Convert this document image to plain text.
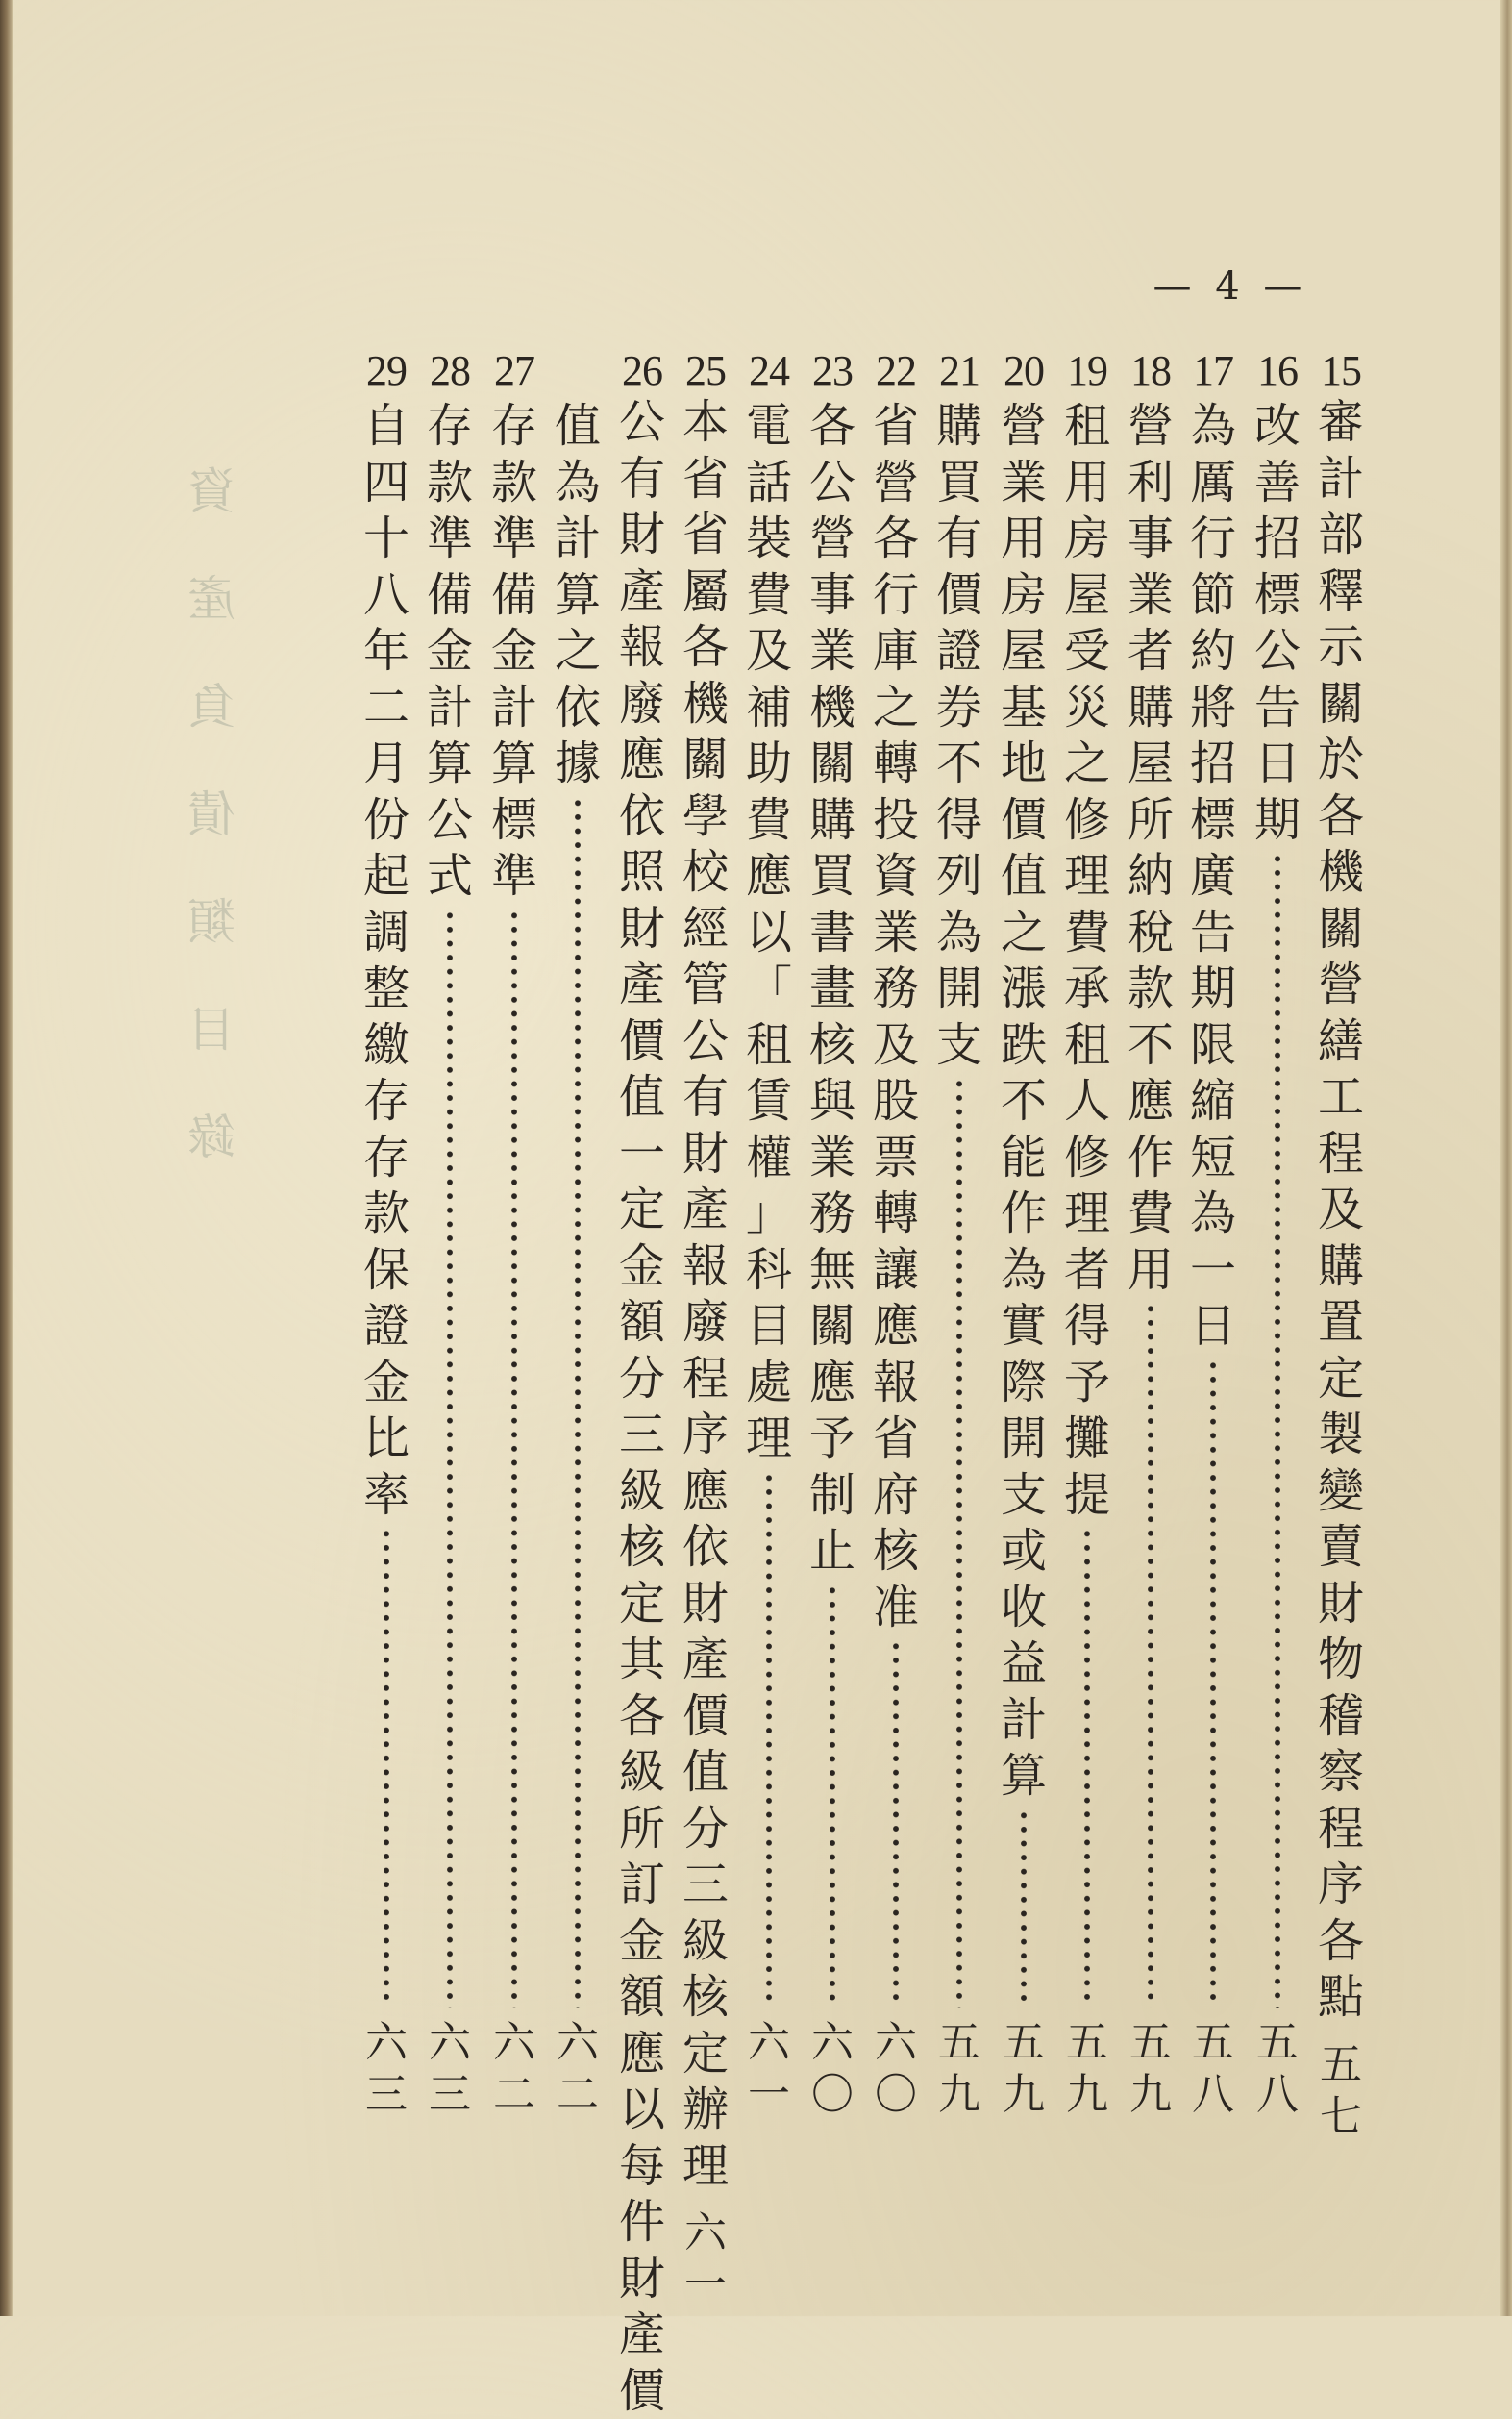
— 4 —
資
產
負
債
類
目
錄
15
審
計
部
釋
示
關
於
各
機
關
營
繕
工
程
及
購
置
定
製
變
賣
財
物
稽
察
程
序
各
點
五
七
16
改
善
招
標
公
告
日
期
五
八
17
為
厲
行
節
約
將
招
標
廣
告
期
限
縮
短
為
一
日
五
八
18
營
利
事
業
者
購
屋
所
納
稅
款
不
應
作
費
用
五
九
19
租
用
房
屋
受
災
之
修
理
費
承
租
人
修
理
者
得
予
攤
提
五
九
20
營
業
用
房
屋
基
地
價
值
之
漲
跌
不
能
作
為
實
際
開
支
或
收
益
計
算
五
九
21
購
買
有
價
證
券
不
得
列
為
開
支
五
九
22
省
營
各
行
庫
之
轉
投
資
業
務
及
股
票
轉
讓
應
報
省
府
核
准
六
〇
23
各
公
營
事
業
機
關
購
買
書
畫
核
與
業
務
無
關
應
予
制
止
六
〇
24
電
話
裝
費
及
補
助
費
應
以
「
租
賃
權
」
科
目
處
理
六
一
25
本
省
省
屬
各
機
關
學
校
經
管
公
有
財
產
報
廢
程
序
應
依
財
產
價
值
分
三
級
核
定
辦
理
六
一
26
公
有
財
產
報
廢
應
依
照
財
產
價
值
一
定
金
額
分
三
級
核
定
其
各
級
所
訂
金
額
應
以
每
件
財
產
價
值
為
計
算
之
依
據
六
二
27
存
款
準
備
金
計
算
標
準
六
二
28
存
款
準
備
金
計
算
公
式
六
三
29
自
四
十
八
年
二
月
份
起
調
整
繳
存
存
款
保
證
金
比
率
六
三
